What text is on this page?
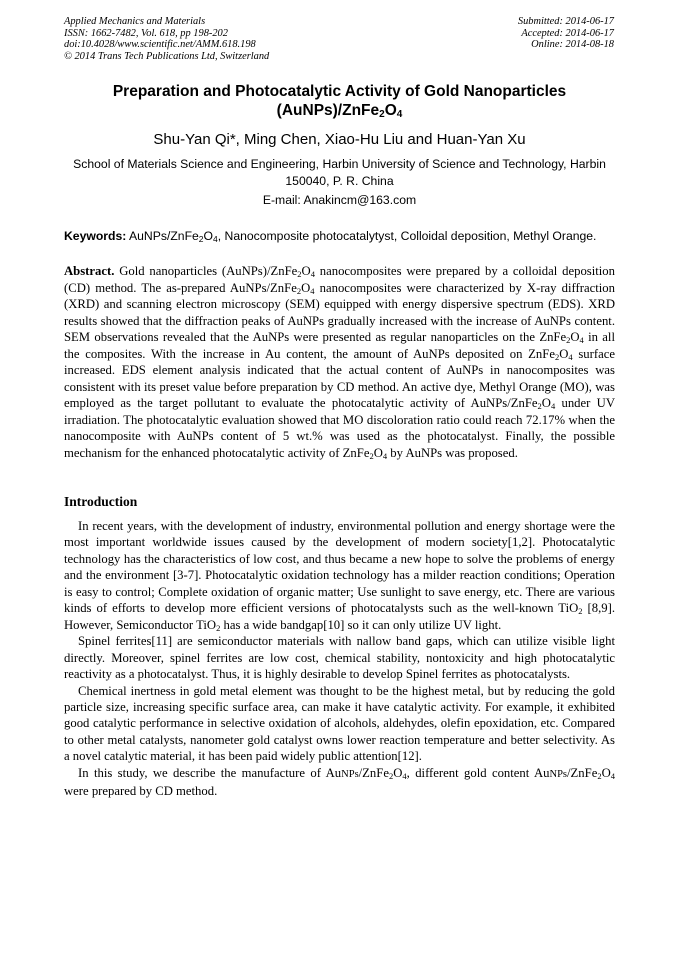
Applied Mechanics and Materials
ISSN: 1662-7482, Vol. 618, pp 198-202
doi:10.4028/www.scientific.net/AMM.618.198
© 2014 Trans Tech Publications Ltd, Switzerland
Submitted: 2014-06-17
Accepted: 2014-06-17
Online: 2014-08-18
Preparation and Photocatalytic Activity of Gold Nanoparticles
$(AuNPs)/ZnFe_2O_4$
Shu-Yan Qi*, Ming Chen, Xiao-Hu Liu and Huan-Yan Xu
School of Materials Science and Engineering, Harbin University of Science and Technology, Harbin 150040, P. R. China
E-mail: Anakincm@163.com
Keywords: AuNPs/$ZnFe_2O_4$, Nanocomposite photocatalytyst, Colloidal deposition, Methyl Orange.
Abstract. Gold nanoparticles $(AuNPs)/ZnFe_2O_4$ nanocomposites were prepared by a colloidal deposition (CD) method. The as-prepared AuNPs/$ZnFe_2O_4$ nanocomposites were characterized by X-ray diffraction (XRD) and scanning electron microscopy (SEM) equipped with energy dispersive spectrum (EDS). XRD results showed that the diffraction peaks of AuNPs gradually increased with the increase of AuNPs content. SEM observations revealed that the AuNPs were presented as regular nanoparticles on the $ZnFe_2O_4$ in all the composites. With the increase in Au content, the amount of AuNPs deposited on $ZnFe_2O_4$ surface increased. EDS element analysis indicated that the actual content of AuNPs in nanocomposites was consistent with its preset value before preparation by CD method. An active dye, Methyl Orange (MO), was employed as the target pollutant to evaluate the photocatalytic activity of AuNPs/$ZnFe_2O_4$ under UV irradiation. The photocatalytic evaluation showed that MO discoloration ratio could reach 72.17% when the nanocomposite with AuNPs content of 5 wt.% was used as the photocatalyst. Finally, the possible mechanism for the enhanced photocatalytic activity of $ZnFe_2O_4$ by AuNPs was proposed.
Introduction

In recent years, with the development of industry, environmental pollution and energy shortage were the most important worldwide issues caused by the development of modern society[1,2]. Photocatalytic technology has the characteristics of low cost, and thus became a new hope to solve the problems of energy and the environment [3-7]. Photocatalytic oxidation technology has a milder reaction conditions; Operation is easy to control; Complete oxidation of organic matter; Use sunlight to save energy, etc. There are various kinds of efforts to develop more efficient versions of photocatalysts such as the well-known TiO$_2$ [8,9]. However, Semiconductor TiO$_2$ has a wide bandgap[10] so it can only utilize UV light.

Spinel ferrites[11] are semiconductor materials with nallow band gaps, which can utilize visible light directly. Moreover, spinel ferrites are low cost, chemical stability, nontoxicity and high photocatalytic reactivity as a photocatalyst. Thus, it is highly desirable to develop Spinel ferrites as photocatalysts.

Chemical inertness in gold metal element was thought to be the highest metal, but by reducing the gold particle size, increasing specific surface area, can make it have catalytic activity. For example, it exhibited good catalytic performance in selective oxidation of alcohols, aldehydes, olefin epoxidation, etc. Compared to other metal catalysts, nanometer gold catalyst owns lower reaction temperature and better selectivity. As a novel catalytic material, it has been paid widely public attention[12].

In this study, we describe the manufacture of AuNPs/$ZnFe_2O_4$, different gold content AuNPs/$ZnFe_2O_4$ were prepared by CD method.
